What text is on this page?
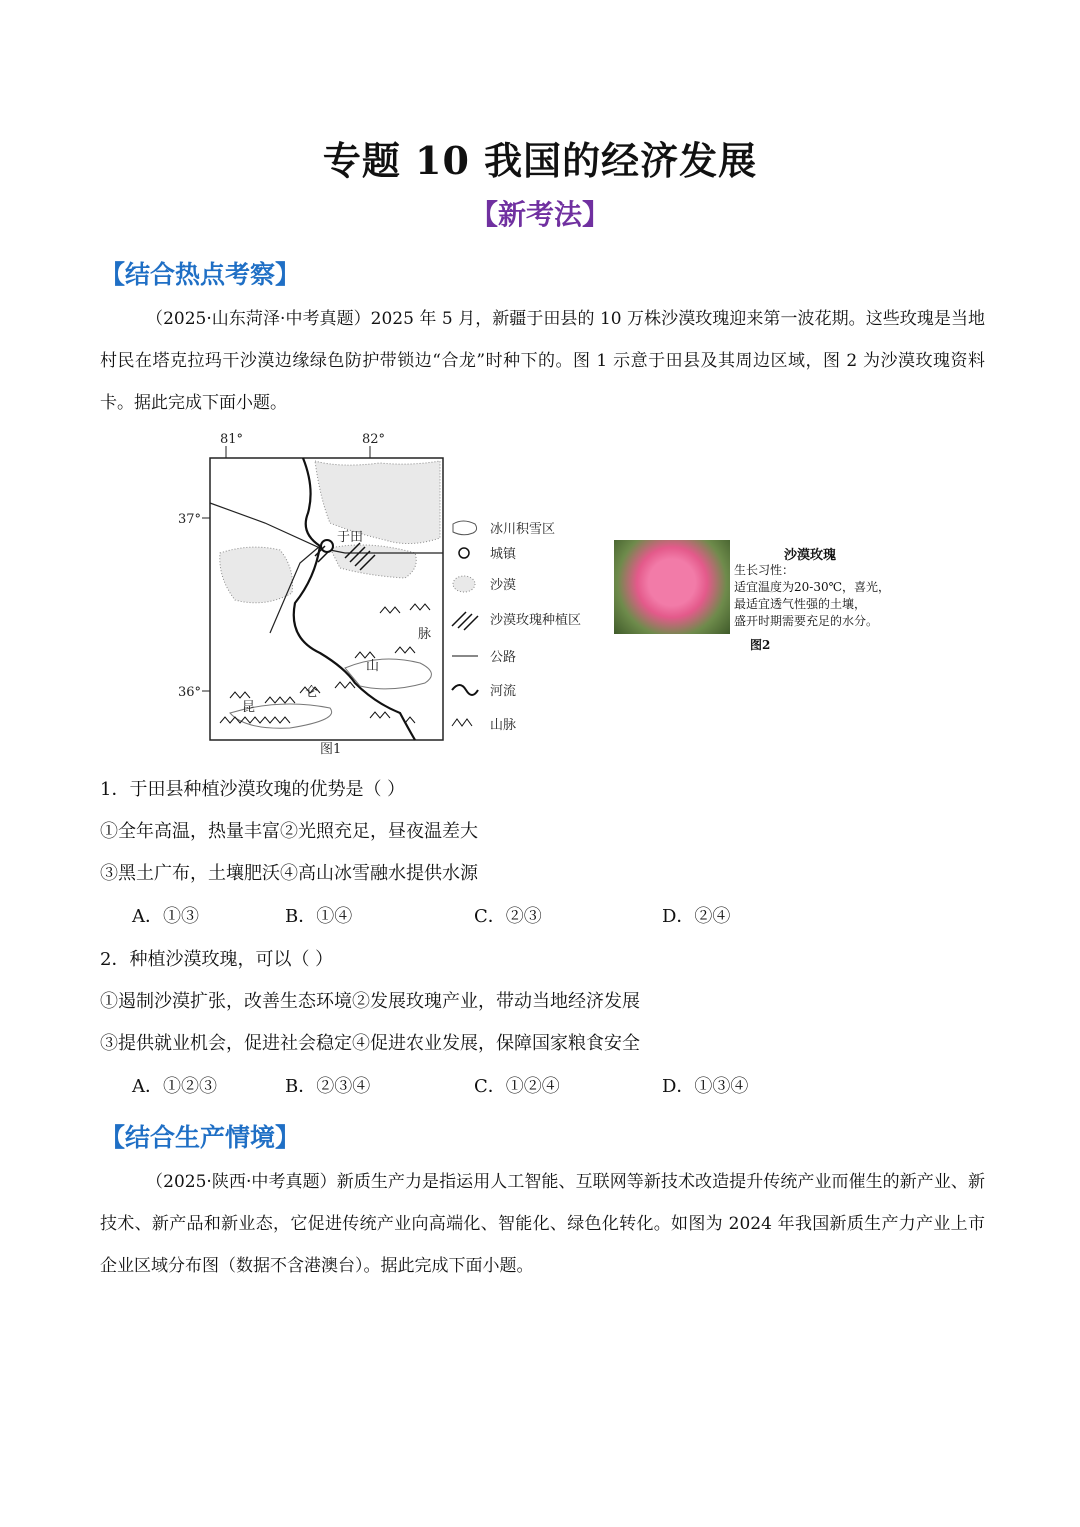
专题 10 我国的经济发展
【新考法】
【结合热点考察】
（2025·山东菏泽·中考真题）2025 年 5 月，新疆于田县的 10 万株沙漠玫瑰迎来第一波花期。这些玫瑰是当地村民在塔克拉玛干沙漠边缘绿色防护带锁边“合龙”时种下的。图 1 示意于田县及其周边区域，图 2 为沙漠玫瑰资料卡。据此完成下面小题。
81°	82°
37°
36°
于田
昆
仑
山
脉
图1
冰川积雪区
城镇
沙漠
沙漠玫瑰种植区
公路
河流
山脉
沙漠玫瑰
生长习性：
适宜温度为20-30℃，喜光，
最适宜透气性强的土壤，
盛开时期需要充足的水分。
图2
1．于田县种植沙漠玫瑰的优势是（ ）
①全年高温，热量丰富②光照充足，昼夜温差大
③黑土广布，土壤肥沃④高山冰雪融水提供水源
A．①③	B．①④	C．②③	D．②④
2．种植沙漠玫瑰，可以（ ）
①遏制沙漠扩张，改善生态环境②发展玫瑰产业，带动当地经济发展
③提供就业机会，促进社会稳定④促进农业发展，保障国家粮食安全
A．①②③	B．②③④	C．①②④	D．①③④
【结合生产情境】
（2025·陕西·中考真题）新质生产力是指运用人工智能、互联网等新技术改造提升传统产业而催生的新产业、新技术、新产品和新业态，它促进传统产业向高端化、智能化、绿色化转化。如图为 2024 年我国新质生产力产业上市企业区域分布图（数据不含港澳台）。据此完成下面小题。
